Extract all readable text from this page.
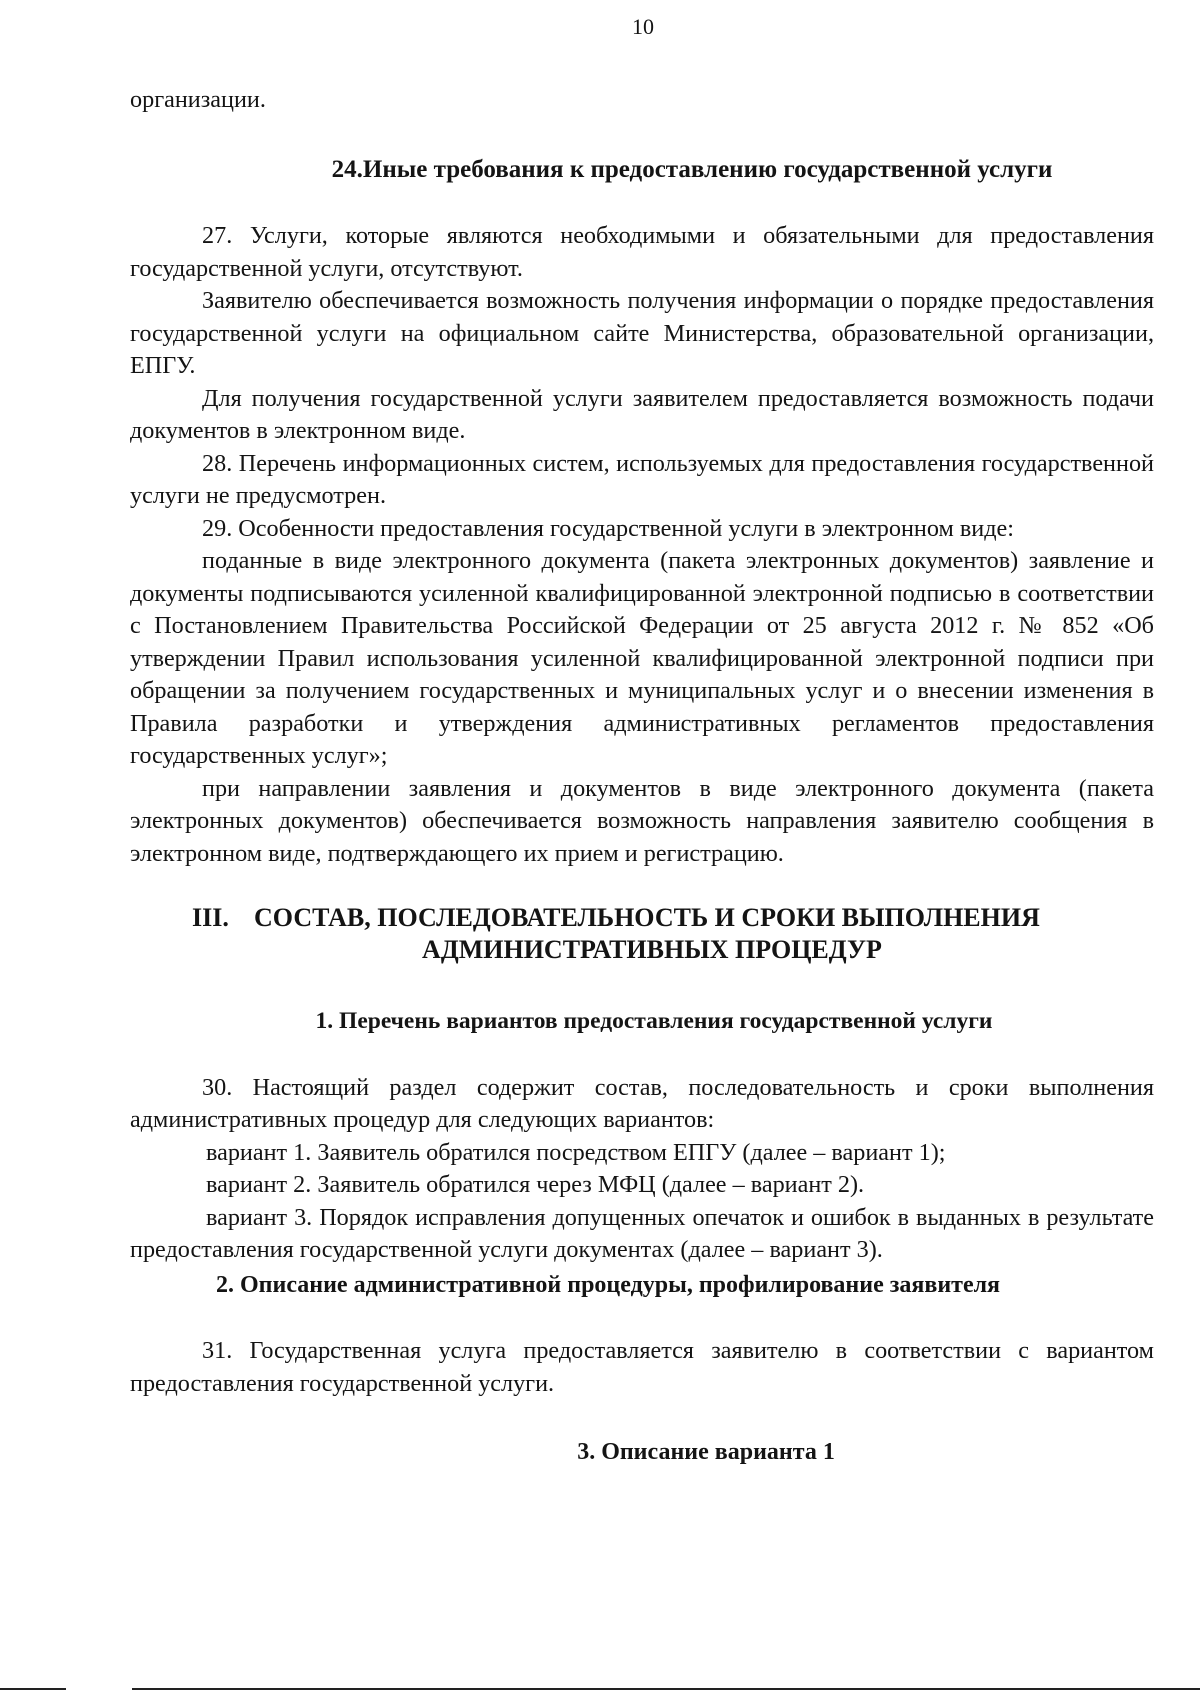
10

организации.

24.Иные требования к предоставлению государственной услуги

27. Услуги, которые являются необходимыми и обязательными для предоставления государственной услуги, отсутствуют.

Заявителю обеспечивается возможность получения информации о порядке предоставления государственной услуги на официальном сайте Министерства, образовательной организации, ЕПГУ.

Для получения государственной услуги заявителем предоставляется возможность подачи документов в электронном виде.

28. Перечень информационных систем, используемых для предоставления государственной услуги не предусмотрен.

29. Особенности предоставления государственной услуги в электронном виде:

поданные в виде электронного документа (пакета электронных документов) заявление и документы подписываются усиленной квалифицированной электронной подписью в соответствии с Постановлением Правительства Российской Федерации от 25 августа 2012 г. № 852 «Об утверждении Правил использования усиленной квалифицированной электронной подписи при обращении за получением государственных и муниципальных услуг и о внесении изменения в Правила разработки и утверждения административных регламентов предоставления государственных услуг»;

при направлении заявления и документов в виде электронного документа (пакета электронных документов) обеспечивается возможность направления заявителю сообщения в электронном виде, подтверждающего их прием и регистрацию.

III. СОСТАВ, ПОСЛЕДОВАТЕЛЬНОСТЬ И СРОКИ ВЫПОЛНЕНИЯ
АДМИНИСТРАТИВНЫХ ПРОЦЕДУР
1. Перечень вариантов предоставления государственной услуги

30. Настоящий раздел содержит состав, последовательность и сроки выполнения административных процедур для следующих вариантов:

вариант 1. Заявитель обратился посредством ЕПГУ (далее – вариант 1);

вариант 2. Заявитель обратился через МФЦ (далее – вариант 2).

вариант 3. Порядок исправления допущенных опечаток и ошибок в выданных в результате предоставления государственной услуги документах (далее – вариант 3).

2. Описание административной процедуры, профилирование заявителя

31. Государственная услуга предоставляется заявителю в соответствии с вариантом предоставления государственной услуги.

3. Описание варианта 1
